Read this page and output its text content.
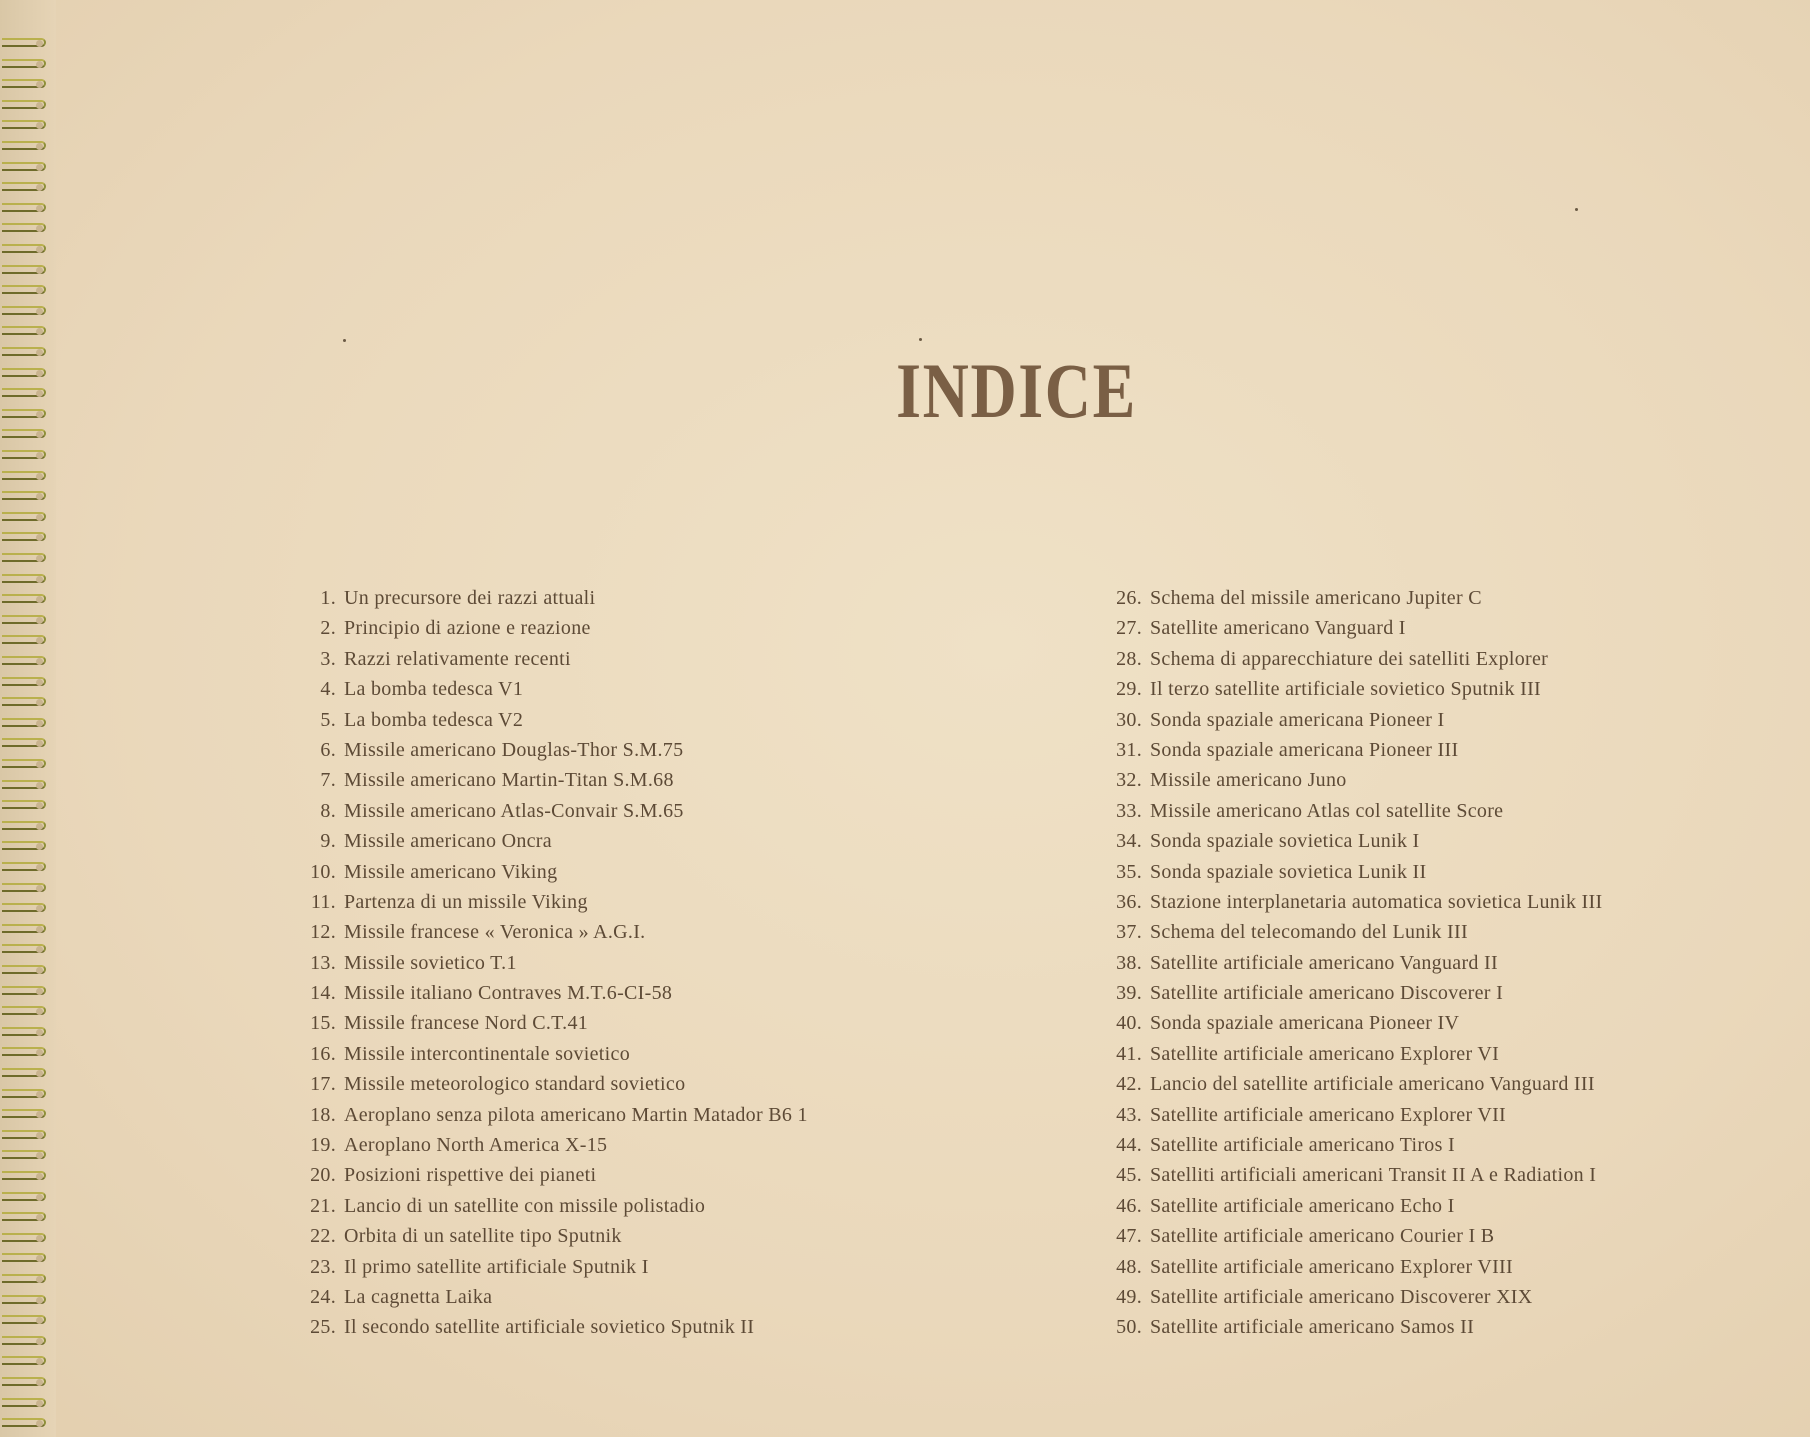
INDICE
1. Un precursore dei razzi attuali
2. Principio di azione e reazione
3. Razzi relativamente recenti
4. La bomba tedesca V1
5. La bomba tedesca V2
6. Missile americano Douglas-Thor S.M.75
7. Missile americano Martin-Titan S.M.68
8. Missile americano Atlas-Convair S.M.65
9. Missile americano Oncra
10. Missile americano Viking
11. Partenza di un missile Viking
12. Missile francese « Veronica » A.G.I.
13. Missile sovietico T.1
14. Missile italiano Contraves M.T.6-CI-58
15. Missile francese Nord C.T.41
16. Missile intercontinentale sovietico
17. Missile meteorologico standard sovietico
18. Aeroplano senza pilota americano Martin Matador B6 1
19. Aeroplano North America X-15
20. Posizioni rispettive dei pianeti
21. Lancio di un satellite con missile polistadio
22. Orbita di un satellite tipo Sputnik
23. Il primo satellite artificiale Sputnik I
24. La cagnetta Laika
25. Il secondo satellite artificiale sovietico Sputnik II
26. Schema del missile americano Jupiter C
27. Satellite americano Vanguard I
28. Schema di apparecchiature dei satelliti Explorer
29. Il terzo satellite artificiale sovietico Sputnik III
30. Sonda spaziale americana Pioneer I
31. Sonda spaziale americana Pioneer III
32. Missile americano Juno
33. Missile americano Atlas col satellite Score
34. Sonda spaziale sovietica Lunik I
35. Sonda spaziale sovietica Lunik II
36. Stazione interplanetaria automatica sovietica Lunik III
37. Schema del telecomando del Lunik III
38. Satellite artificiale americano Vanguard II
39. Satellite artificiale americano Discoverer I
40. Sonda spaziale americana Pioneer IV
41. Satellite artificiale americano Explorer VI
42. Lancio del satellite artificiale americano Vanguard III
43. Satellite artificiale americano Explorer VII
44. Satellite artificiale americano Tiros I
45. Satelliti artificiali americani Transit II A e Radiation I
46. Satellite artificiale americano Echo I
47. Satellite artificiale americano Courier I B
48. Satellite artificiale americano Explorer VIII
49. Satellite artificiale americano Discoverer XIX
50. Satellite artificiale americano Samos II
